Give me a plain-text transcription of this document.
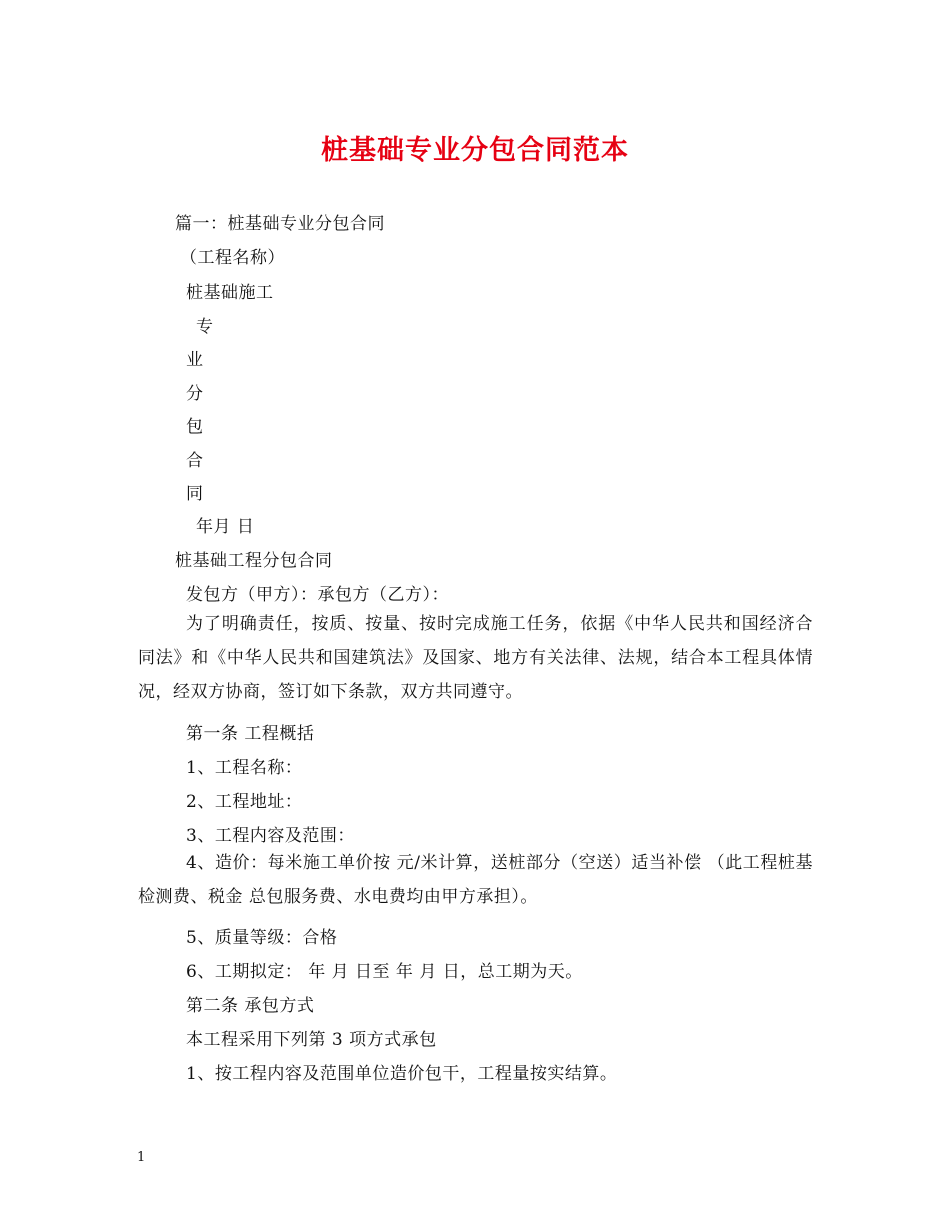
桩基础专业分包合同范本
篇一：桩基础专业分包合同
（工程名称）
桩基础施工
专
业
分
包
合
同
年月 日
桩基础工程分包合同
发包方（甲方）：承包方（乙方）：

为了明确责任，按质、按量、按时完成施工任务，依据《中华人民共和国经济合同法》和《中华人民共和国建筑法》及国家、地方有关法律、法规，结合本工程具体情况，经双方协商，签订如下条款，双方共同遵守。

第一条 工程概括
1、工程名称：
2、工程地址：
3、工程内容及范围：

4、造价：每米施工单价按 元/米计算，送桩部分（空送）适当补偿 （此工程桩基检测费、税金 总包服务费、水电费均由甲方承担）。

5、质量等级：合格
6、工期拟定： 年 月 日至 年 月 日，总工期为天。
第二条 承包方式
本工程采用下列第 3 项方式承包
1、按工程内容及范围单位造价包干，工程量按实结算。
1
